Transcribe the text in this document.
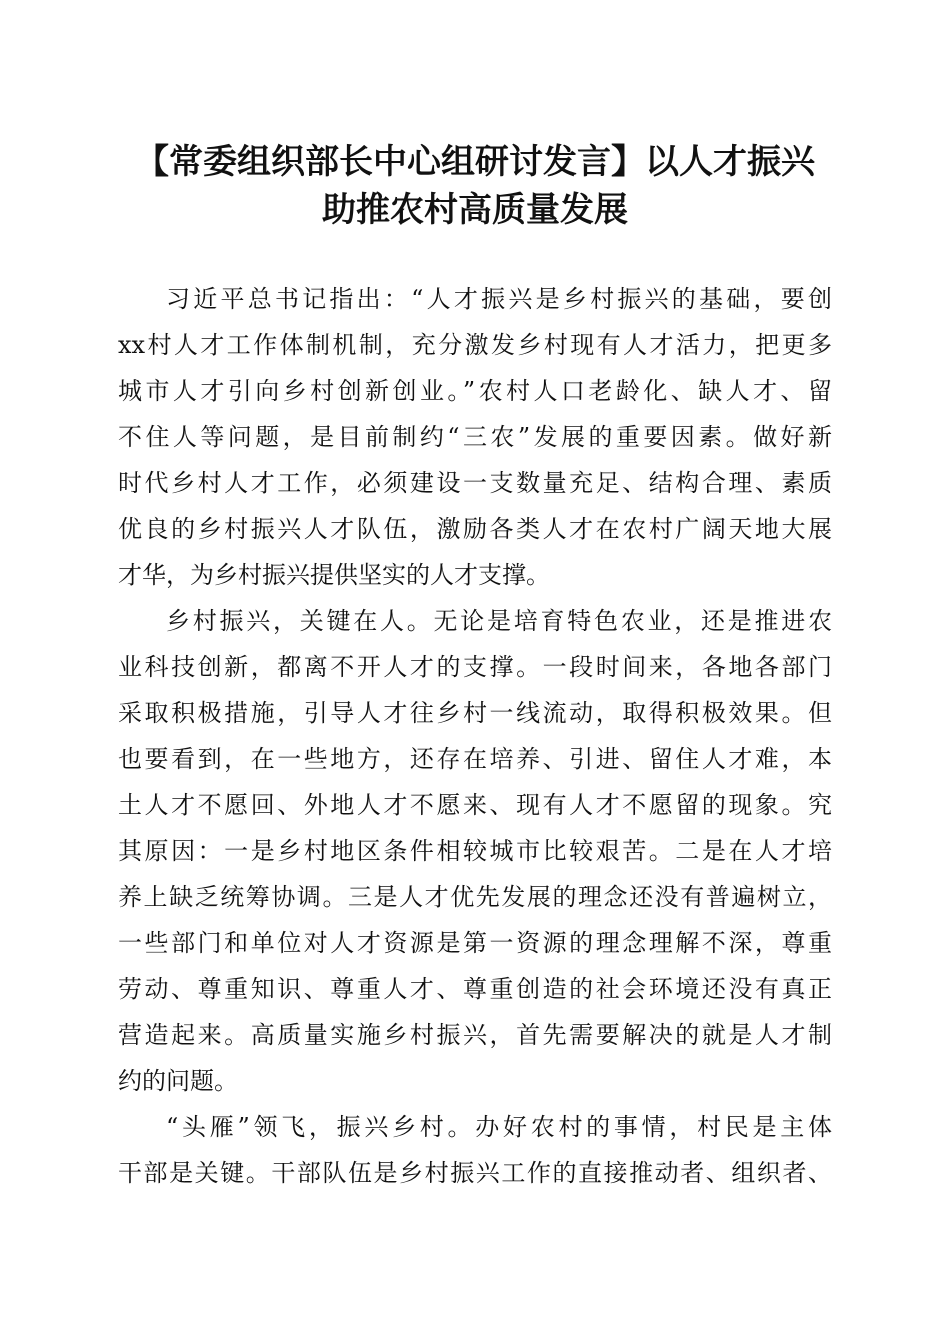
【常委组织部长中心组研讨发言】以人才振兴
助推农村高质量发展

习近平总书记指出：“人才振兴是乡村振兴的基础，要创
xx村人才工作体制机制，充分激发乡村现有人才活力，把更多
城市人才引向乡村创新创业。”农村人口老龄化、缺人才、留
不住人等问题，是目前制约“三农”发展的重要因素。做好新
时代乡村人才工作，必须建设一支数量充足、结构合理、素质
优良的乡村振兴人才队伍，激励各类人才在农村广阔天地大展
才华，为乡村振兴提供坚实的人才支撑。

乡村振兴，关键在人。无论是培育特色农业，还是推进农
业科技创新，都离不开人才的支撑。一段时间来，各地各部门
采取积极措施，引导人才往乡村一线流动，取得积极效果。但
也要看到，在一些地方，还存在培养、引进、留住人才难，本
土人才不愿回、外地人才不愿来、现有人才不愿留的现象。究
其原因：一是乡村地区条件相较城市比较艰苦。二是在人才培
养上缺乏统筹协调。三是人才优先发展的理念还没有普遍树立，
一些部门和单位对人才资源是第一资源的理念理解不深，尊重
劳动、尊重知识、尊重人才、尊重创造的社会环境还没有真正
营造起来。高质量实施乡村振兴，首先需要解决的就是人才制
约的问题。

“头雁”领飞，振兴乡村。办好农村的事情，村民是主体
干部是关键。干部队伍是乡村振兴工作的直接推动者、组织者、
